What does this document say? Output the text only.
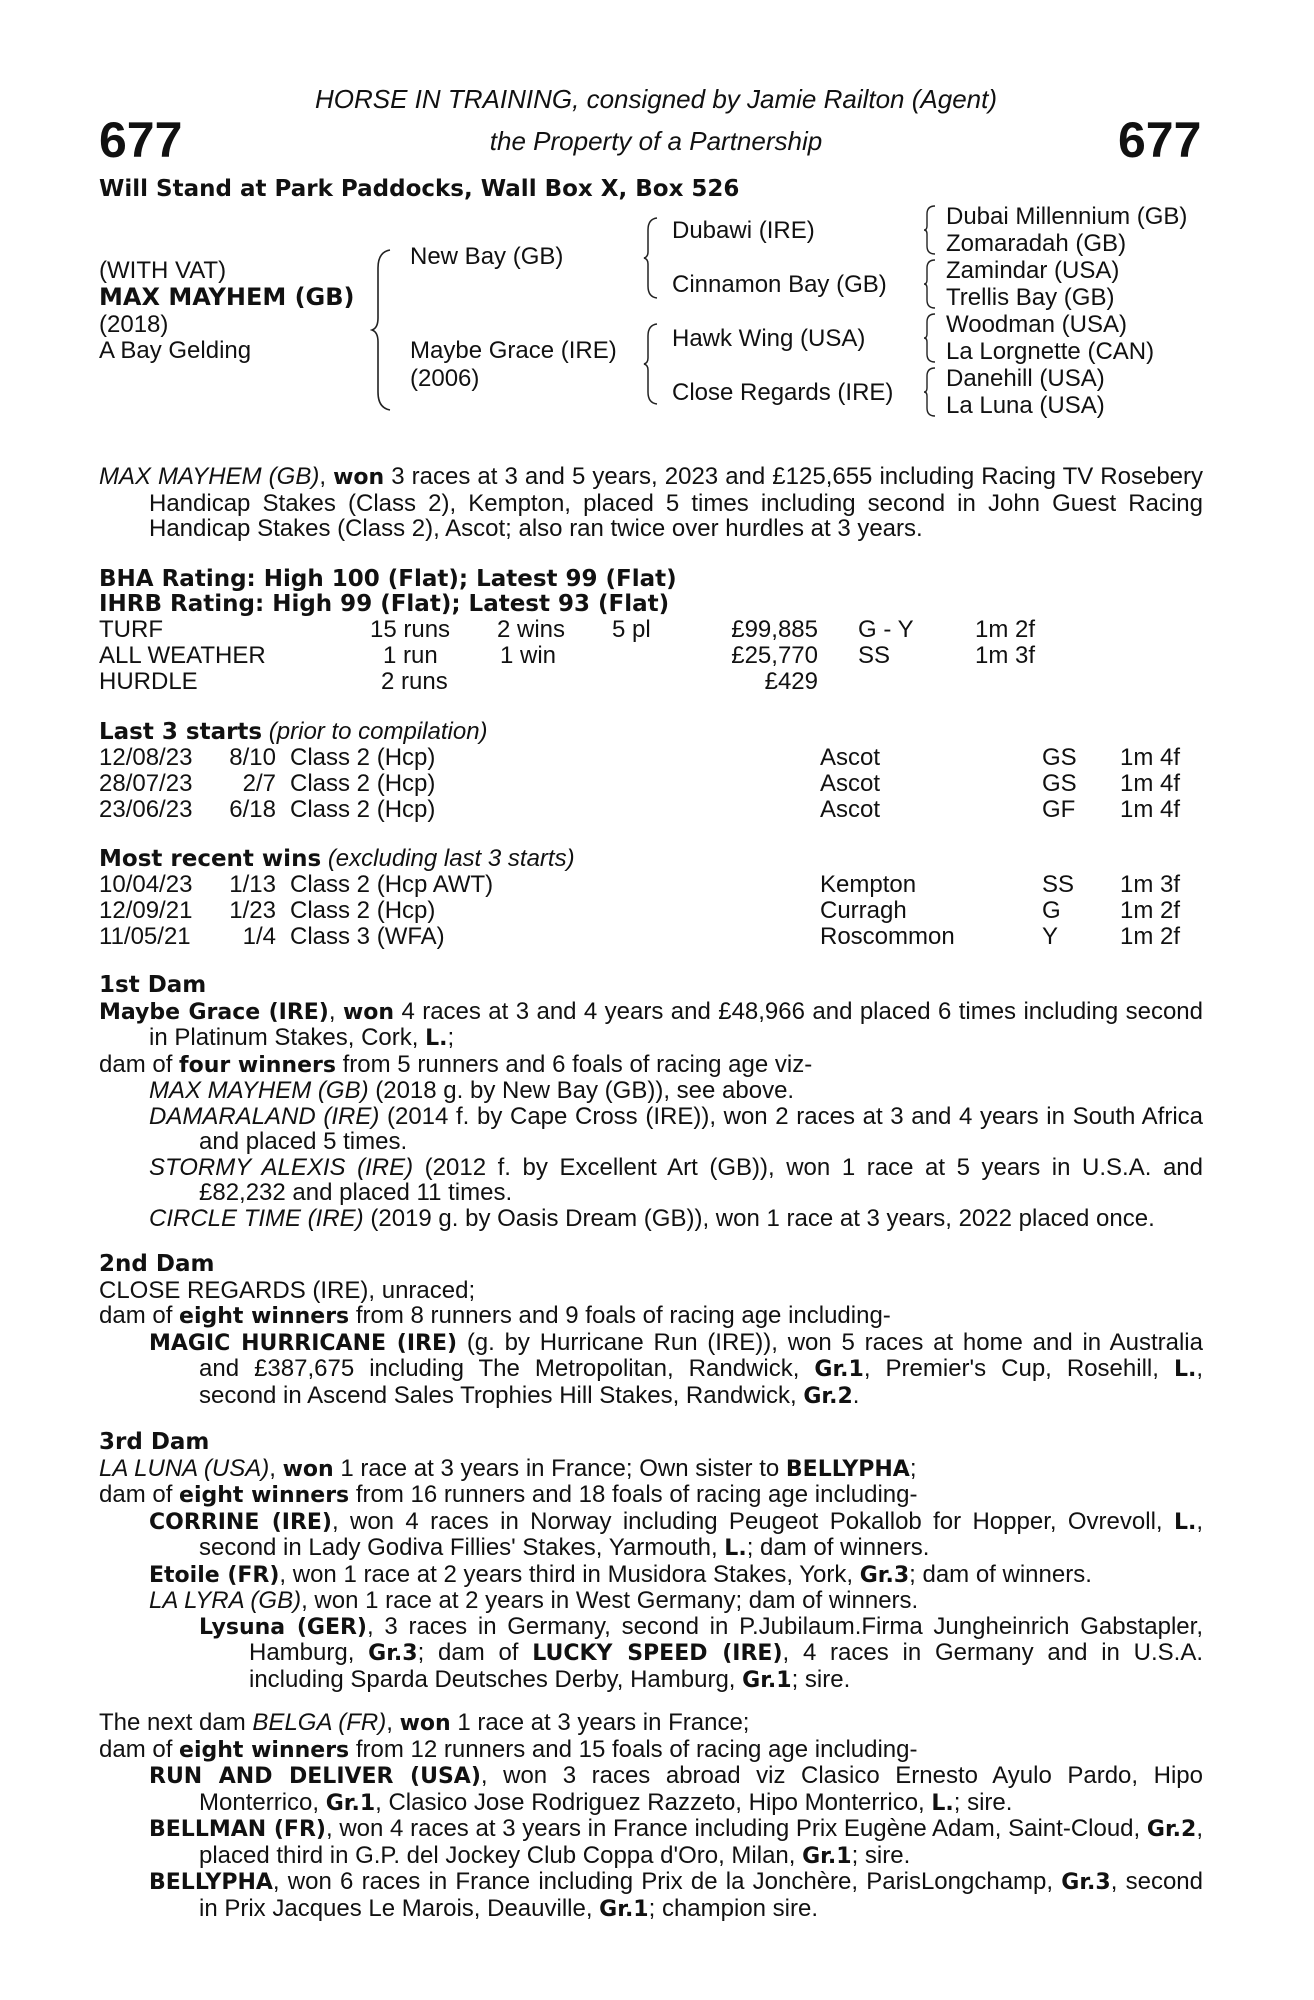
677	677
HORSE IN TRAINING, consigned by Jamie Railton (Agent)
the Property of a Partnership
Will Stand at Park Paddocks, Wall Box X, Box 526
(WITH VAT)
MAX MAYHEM (GB)
(2018)
A Bay Gelding
New Bay (GB)
Maybe Grace (IRE)
(2006)
Dubawi (IRE)
Cinnamon Bay (GB)
Hawk Wing (USA)
Close Regards (IRE)
Dubai Millennium (GB)
Zomaradah (GB)
Zamindar (USA)
Trellis Bay (GB)
Woodman (USA)
La Lorgnette (CAN)
Danehill (USA)
La Luna (USA)

MAX MAYHEM (GB), won 3 races at 3 and 5 years, 2023 and £125,655 including Racing TV Rosebery Handicap Stakes (Class 2), Kempton, placed 5 times including second in John Guest Racing Handicap Stakes (Class 2), Ascot; also ran twice over hurdles at 3 years.

BHA Rating: High 100 (Flat); Latest 99 (Flat)
IHRB Rating: High 99 (Flat); Latest 93 (Flat)
TURF	15 runs 2 wins 5 pl	£99,885 G - Y	1m 2f
ALL WEATHER	1 run	1 win	£25,770 SS	1m 3f
HURDLE	2 runs	£429
Last 3 starts (prior to compilation)
12/08/23	8/10 Class 2 (Hcp)	Ascot	GS 1m 4f
28/07/23	2/7 Class 2 (Hcp)	Ascot	GS 1m 4f
23/06/23	6/18 Class 2 (Hcp)	Ascot	GF 1m 4f
Most recent wins (excluding last 3 starts)
10/04/23	1/13 Class 2 (Hcp AWT)	Kempton	SS 1m 3f
12/09/21	1/23 Class 2 (Hcp)	Curragh	G 1m 2f
11/05/21	1/4 Class 3 (WFA)	Roscommon	Y	1m 2f

1st Dam

Maybe Grace (IRE), won 4 races at 3 and 4 years and £48,966 and placed 6 times including second in Platinum Stakes, Cork, L.;

dam of four winners from 5 runners and 6 foals of racing age viz-

MAX MAYHEM (GB) (2018 g. by New Bay (GB)), see above.

DAMARALAND (IRE) (2014 f. by Cape Cross (IRE)), won 2 races at 3 and 4 years in South Africa and placed 5 times.

STORMY ALEXIS (IRE) (2012 f. by Excellent Art (GB)), won 1 race at 5 years in U.S.A. and £82,232 and placed 11 times.

CIRCLE TIME (IRE) (2019 g. by Oasis Dream (GB)), won 1 race at 3 years, 2022 placed once.

2nd Dam

CLOSE REGARDS (IRE), unraced;

dam of eight winners from 8 runners and 9 foals of racing age including-

MAGIC HURRICANE (IRE) (g. by Hurricane Run (IRE)), won 5 races at home and in Australia and £387,675 including The Metropolitan, Randwick, Gr.1, Premier's Cup, Rosehill, L., second in Ascend Sales Trophies Hill Stakes, Randwick, Gr.2.

3rd Dam

LA LUNA (USA), won 1 race at 3 years in France; Own sister to BELLYPHA;

dam of eight winners from 16 runners and 18 foals of racing age including-

CORRINE (IRE), won 4 races in Norway including Peugeot Pokallob for Hopper, Ovrevoll, L., second in Lady Godiva Fillies' Stakes, Yarmouth, L.; dam of winners.

Etoile (FR), won 1 race at 2 years third in Musidora Stakes, York, Gr.3; dam of winners.

LA LYRA (GB), won 1 race at 2 years in West Germany; dam of winners.

Lysuna (GER), 3 races in Germany, second in P.Jubilaum.Firma Jungheinrich Gabstapler, Hamburg, Gr.3; dam of LUCKY SPEED (IRE), 4 races in Germany and in U.S.A. including Sparda Deutsches Derby, Hamburg, Gr.1; sire.

The next dam BELGA (FR), won 1 race at 3 years in France;

dam of eight winners from 12 runners and 15 foals of racing age including-

RUN AND DELIVER (USA), won 3 races abroad viz Clasico Ernesto Ayulo Pardo, Hipo Monterrico, Gr.1, Clasico Jose Rodriguez Razzeto, Hipo Monterrico, L.; sire.

BELLMAN (FR), won 4 races at 3 years in France including Prix Eugène Adam, Saint-Cloud, Gr.2, placed third in G.P. del Jockey Club Coppa d'Oro, Milan, Gr.1; sire.

BELLYPHA, won 6 races in France including Prix de la Jonchère, ParisLongchamp, Gr.3, second in Prix Jacques Le Marois, Deauville, Gr.1; champion sire.
